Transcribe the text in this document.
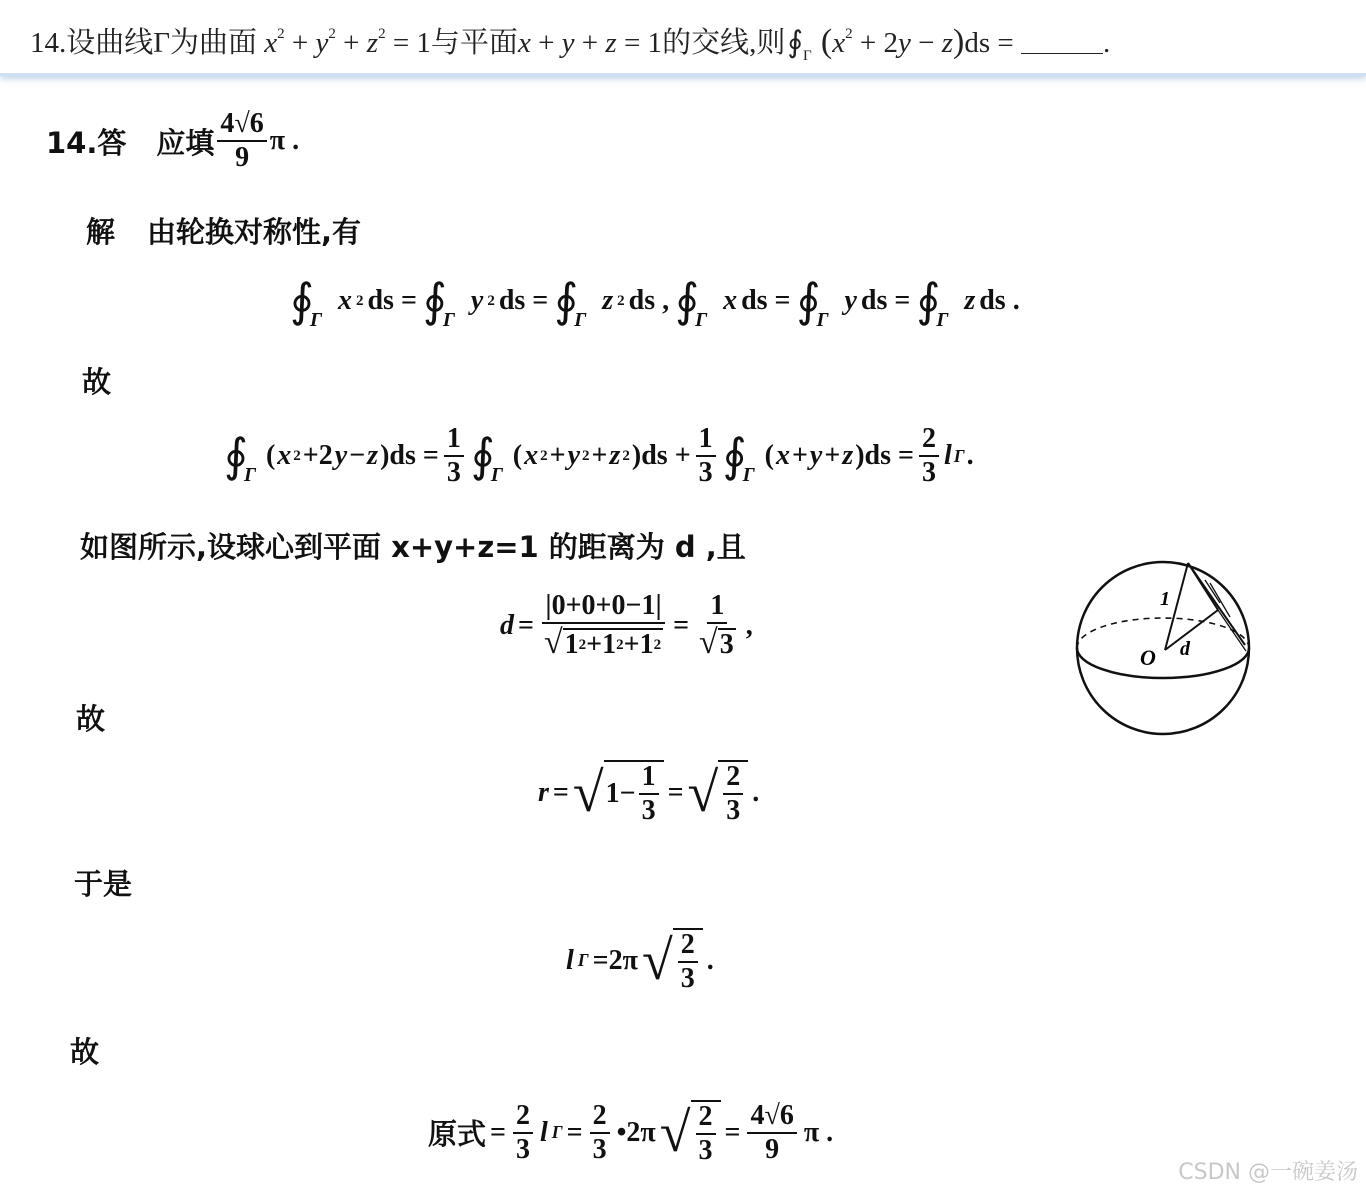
14.设曲线Γ为曲面 $x^2 + y^2 + z^2 = 1$与平面x + y + z = 1的交线,则$∮_\Gamma$ $(x^2 + 2y - z)ds$ =	.
14.答 应填 $\frac{4√6}{9}$ π .
解 由轮换对称性,有
∮
Γ

x 2 ds = ∮
Γ

y 2 ds = ∮
Γ

z 2 ds , ∮
Γ

x ds = ∮
Γ

y ds = ∮
Γ

z ds .
故
∮
Γ
( x 2 +2 y − z )$ds = \frac{1}{3}$ ∮
Γ
( x 2 + y 2 + z 2 )$ds + \frac{1}{3}$ ∮
Γ
( x + y + z )$ds = \frac{2}{3}$ l Γ .
如图所示,设球心到平面 x+y+z=1 的距离为 d ,且
$d = \frac{|0+0+0-1|}{√ 1 2 +1 2 +1 2} = \frac{1}{√ 3}$ ,
1
O d
故
r = √ $1- \frac{1}{3}$ = √ $\frac{2}{3}$ .
于是
l Γ =2π √ $\frac{2}{3}$ .
故
原式 = $\frac{2}{3}$ l $\Gamma = \frac{2}{3}$ •2π √ $\frac{2}{3} = \frac{4√6}{9}$ π .
CSDN @一碗姜汤
